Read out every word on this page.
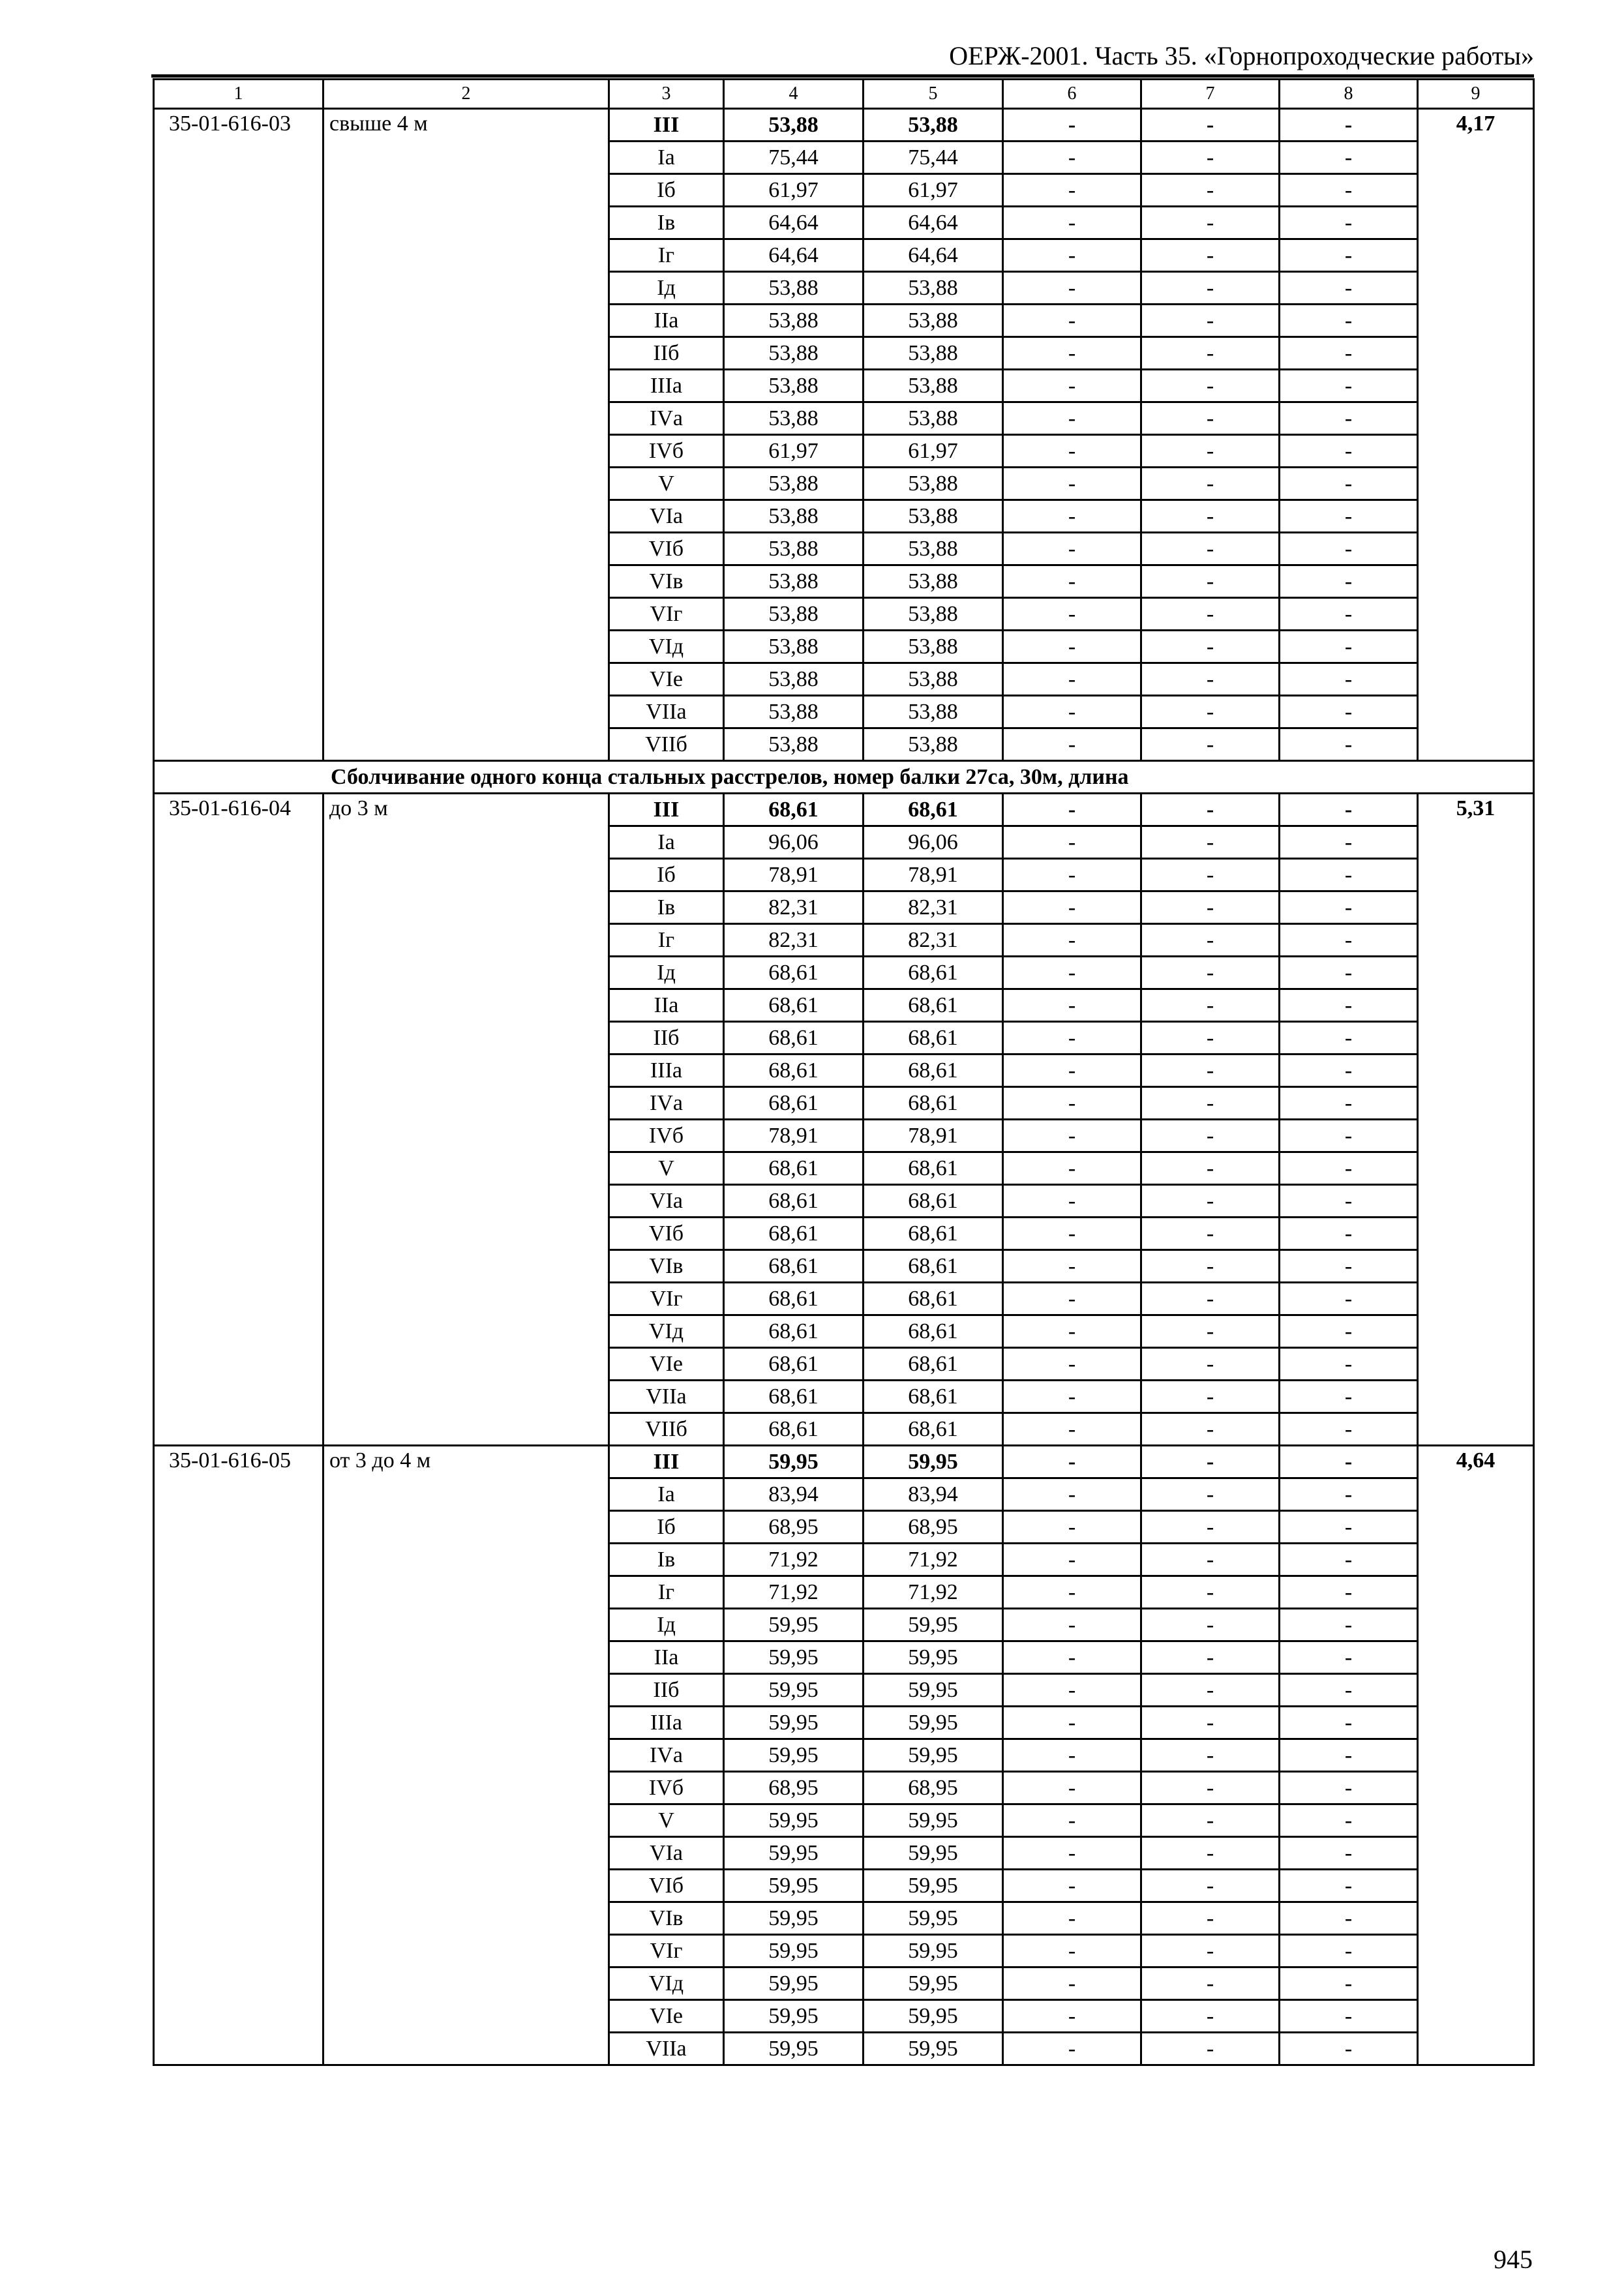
ОЕРЖ-2001. Часть 35. «Горнопроходческие работы»
1	2	3	4	5	6	7	8	9
35-01-616-03	свыше 4 м	III	53,88	53,88	-	-	-	4,17
		Iа	75,44	75,44	-	-	-	
		Iб	61,97	61,97	-	-	-	
		Iв	64,64	64,64	-	-	-	
		Iг	64,64	64,64	-	-	-	
		Iд	53,88	53,88	-	-	-	
		IIа	53,88	53,88	-	-	-	
		IIб	53,88	53,88	-	-	-	
		IIIа	53,88	53,88	-	-	-	
		IVа	53,88	53,88	-	-	-	
		IVб	61,97	61,97	-	-	-	
		V	53,88	53,88	-	-	-	
		VIа	53,88	53,88	-	-	-	
		VIб	53,88	53,88	-	-	-	
		VIв	53,88	53,88	-	-	-	
		VIг	53,88	53,88	-	-	-	
		VIд	53,88	53,88	-	-	-	
		VIе	53,88	53,88	-	-	-	
		VIIа	53,88	53,88	-	-	-	
		VIIб	53,88	53,88	-	-	-	
Сболчивание одного конца стальных расстрелов, номер балки 27са, 30м, длина								
35-01-616-04	до 3 м	III	68,61	68,61	-	-	-	5,31
		Iа	96,06	96,06	-	-	-	
		Iб	78,91	78,91	-	-	-	
		Iв	82,31	82,31	-	-	-	
		Iг	82,31	82,31	-	-	-	
		Iд	68,61	68,61	-	-	-	
		IIа	68,61	68,61	-	-	-	
		IIб	68,61	68,61	-	-	-	
		IIIа	68,61	68,61	-	-	-	
		IVа	68,61	68,61	-	-	-	
		IVб	78,91	78,91	-	-	-	
		V	68,61	68,61	-	-	-	
		VIа	68,61	68,61	-	-	-	
		VIб	68,61	68,61	-	-	-	
		VIв	68,61	68,61	-	-	-	
		VIг	68,61	68,61	-	-	-	
		VIд	68,61	68,61	-	-	-	
		VIе	68,61	68,61	-	-	-	
		VIIа	68,61	68,61	-	-	-	
		VIIб	68,61	68,61	-	-	-	
35-01-616-05	от 3 до 4 м	III	59,95	59,95	-	-	-	4,64
		Iа	83,94	83,94	-	-	-	
		Iб	68,95	68,95	-	-	-	
		Iв	71,92	71,92	-	-	-	
		Iг	71,92	71,92	-	-	-	
		Iд	59,95	59,95	-	-	-	
		IIа	59,95	59,95	-	-	-	
		IIб	59,95	59,95	-	-	-	
		IIIа	59,95	59,95	-	-	-	
		IVа	59,95	59,95	-	-	-	
		IVб	68,95	68,95	-	-	-	
		V	59,95	59,95	-	-	-	
		VIа	59,95	59,95	-	-	-	
		VIб	59,95	59,95	-	-	-	
		VIв	59,95	59,95	-	-	-	
		VIг	59,95	59,95	-	-	-	
		VIд	59,95	59,95	-	-	-	
		VIе	59,95	59,95	-	-	-	
		VIIа	59,95	59,95	-	-	-	
945
